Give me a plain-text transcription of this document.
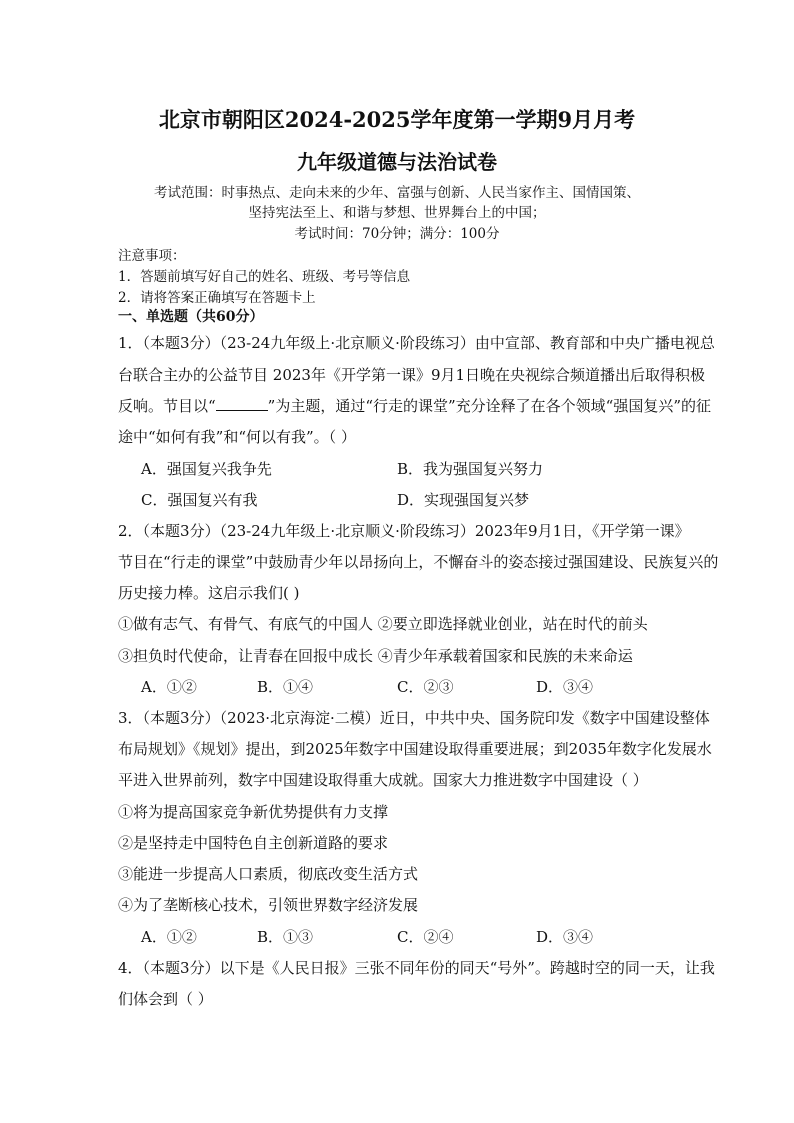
北京市朝阳区2024-2025学年度第一学期9月月考
九年级道德与法治试卷
考试范围：时事热点、走向未来的少年、富强与创新、人民当家作主、国情国策、
坚持宪法至上、和谐与梦想、世界舞台上的中国；
考试时间：70分钟；满分：100分
注意事项：
1．答题前填写好自己的姓名、班级、考号等信息
2．请将答案正确填写在答题卡上
一、单选题（共60分）
1．（本题3分）（23-24九年级上·北京顺义·阶段练习）由中宣部、教育部和中央广播电视总
台联合主办的公益节目 2023年《开学第一课》9月1日晚在央视综合频道播出后取得积极
反响。节目以“	”为主题，通过“行走的课堂”充分诠释了在各个领域“强国复兴”的征
途中“如何有我”和“何以有我”。（ ）
A．强国复兴我争先	B．我为强国复兴努力
C．强国复兴有我	D．实现强国复兴梦
2．（本题3分）（23-24九年级上·北京顺义·阶段练习）2023年9月1日，《开学第一课》
节目在“行走的课堂”中鼓励青少年以昂扬向上，不懈奋斗的姿态接过强国建设、民族复兴的
历史接力棒。这启示我们( )
①做有志气、有骨气、有底气的中国人 ②要立即选择就业创业，站在时代的前头
③担负时代使命，让青春在回报中成长 ④青少年承载着国家和民族的未来命运
A．①②	B．①④	C．②③	D．③④
3．（本题3分）（2023·北京海淀·二模）近日，中共中央、国务院印发《数字中国建设整体
布局规划》《规划》提出，到2025年数字中国建设取得重要进展；到2035年数字化发展水
平进入世界前列，数字中国建设取得重大成就。国家大力推进数字中国建设（ ）
①将为提高国家竞争新优势提供有力支撑
②是坚持走中国特色自主创新道路的要求
③能进一步提高人口素质，彻底改变生活方式
④为了垄断核心技术，引领世界数字经济发展
A．①②	B．①③	C．②④	D．③④
4．（本题3分）以下是《人民日报》三张不同年份的同天“号外”。跨越时空的同一天，让我
们体会到（ ）
